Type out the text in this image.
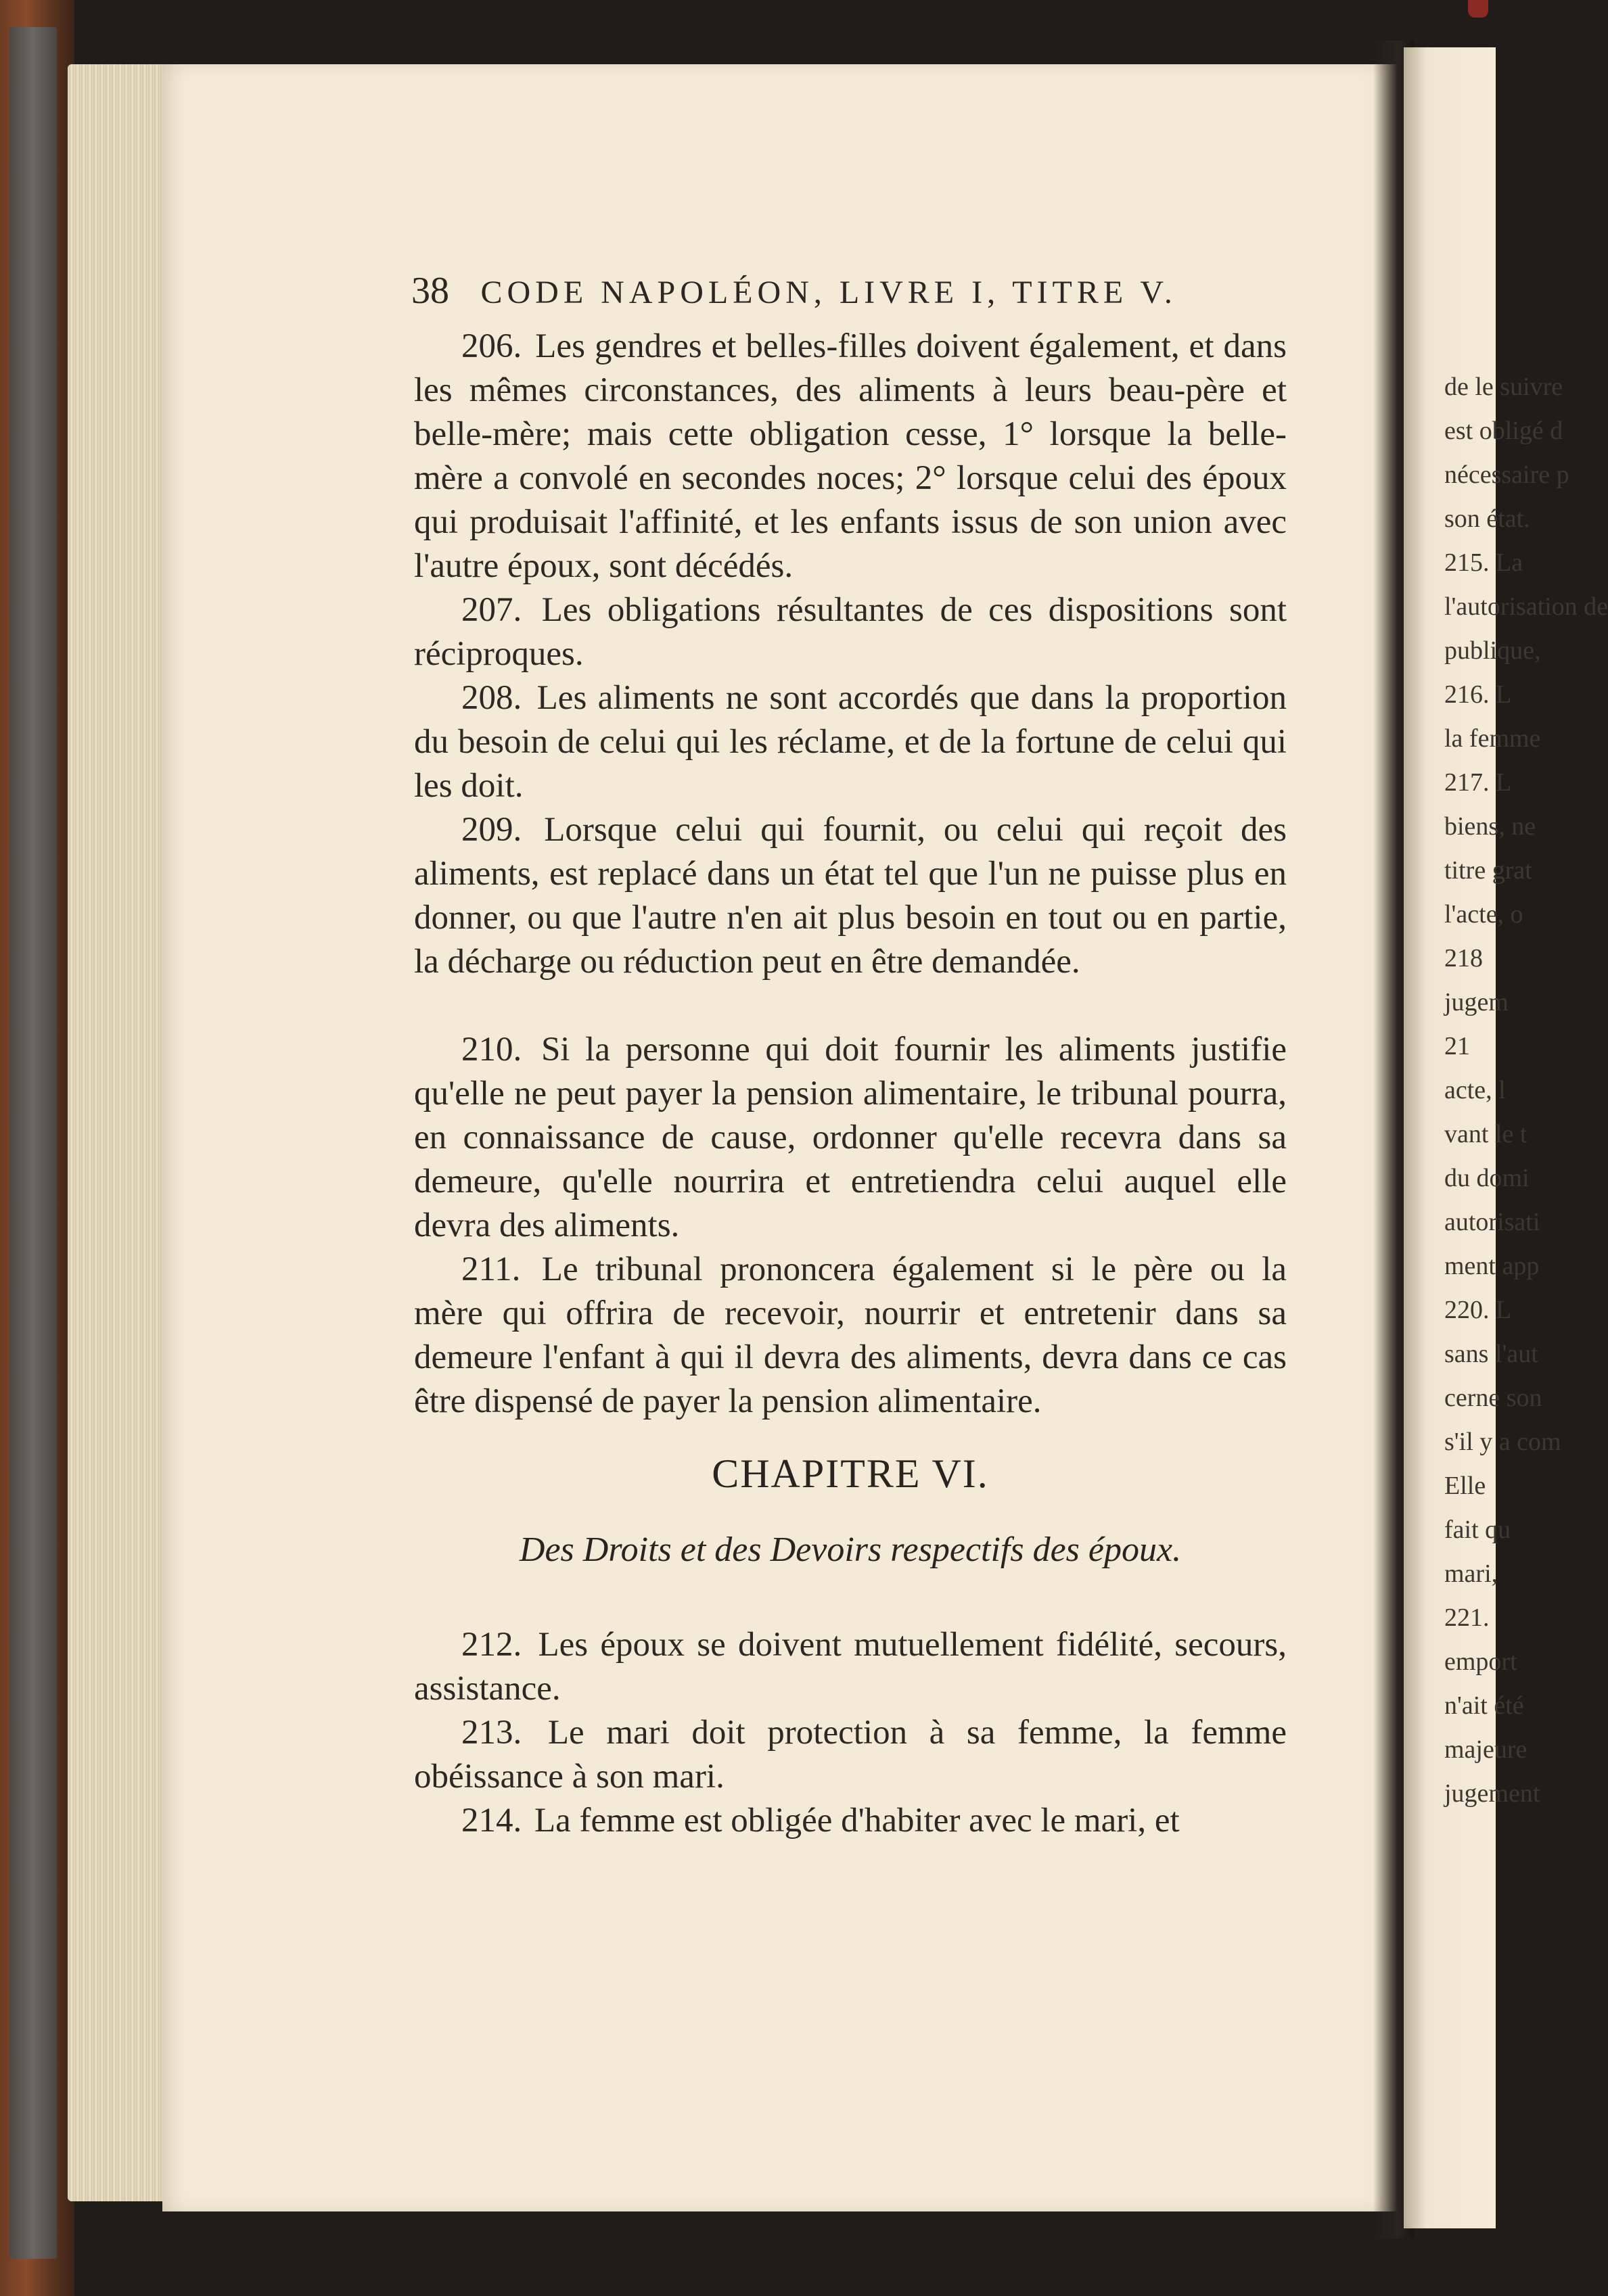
38 CODE NAPOLÉON, LIVRE I, TITRE V.

206. Les gendres et belles-filles doivent également, et dans les mêmes circonstances, des aliments à leurs beau-père et belle-mère; mais cette obligation cesse, 1° lorsque la belle-mère a convolé en secondes noces; 2° lorsque celui des époux qui produisait l'affinité, et les enfants issus de son union avec l'autre époux, sont décédés.

207. Les obligations résultantes de ces dispositions sont réciproques.

208. Les aliments ne sont accordés que dans la proportion du besoin de celui qui les réclame, et de la fortune de celui qui les doit.

209. Lorsque celui qui fournit, ou celui qui reçoit des aliments, est replacé dans un état tel que l'un ne puisse plus en donner, ou que l'autre n'en ait plus besoin en tout ou en partie, la décharge ou réduction peut en être demandée.

210. Si la personne qui doit fournir les aliments justifie qu'elle ne peut payer la pension alimentaire, le tribunal pourra, en connaissance de cause, ordonner qu'elle recevra dans sa demeure, qu'elle nourrira et entretiendra celui auquel elle devra des aliments.

211. Le tribunal prononcera également si le père ou la mère qui offrira de recevoir, nourrir et entretenir dans sa demeure l'enfant à qui il devra des aliments, devra dans ce cas être dispensé de payer la pension alimentaire.

CHAPITRE VI.

Des Droits et des Devoirs respectifs des époux.

212. Les époux se doivent mutuellement fidélité, secours, assistance.

213. Le mari doit protection à sa femme, la femme obéissance à son mari.

214. La femme est obligée d'habiter avec le mari, et

de le suivre
est obligé d
nécessaire p
son état.
215. La
l'autorisation de
publique,
216. L
la femme
217. L
biens, ne
titre grat
l'acte, o
218
jugem
21
acte, l
vant le t
du domi
autorisati
ment app
220. L
sans l'aut
cerne son
s'il y a com
Elle
fait qu
mari,
221.
emport
n'ait été
majeure
jugement
